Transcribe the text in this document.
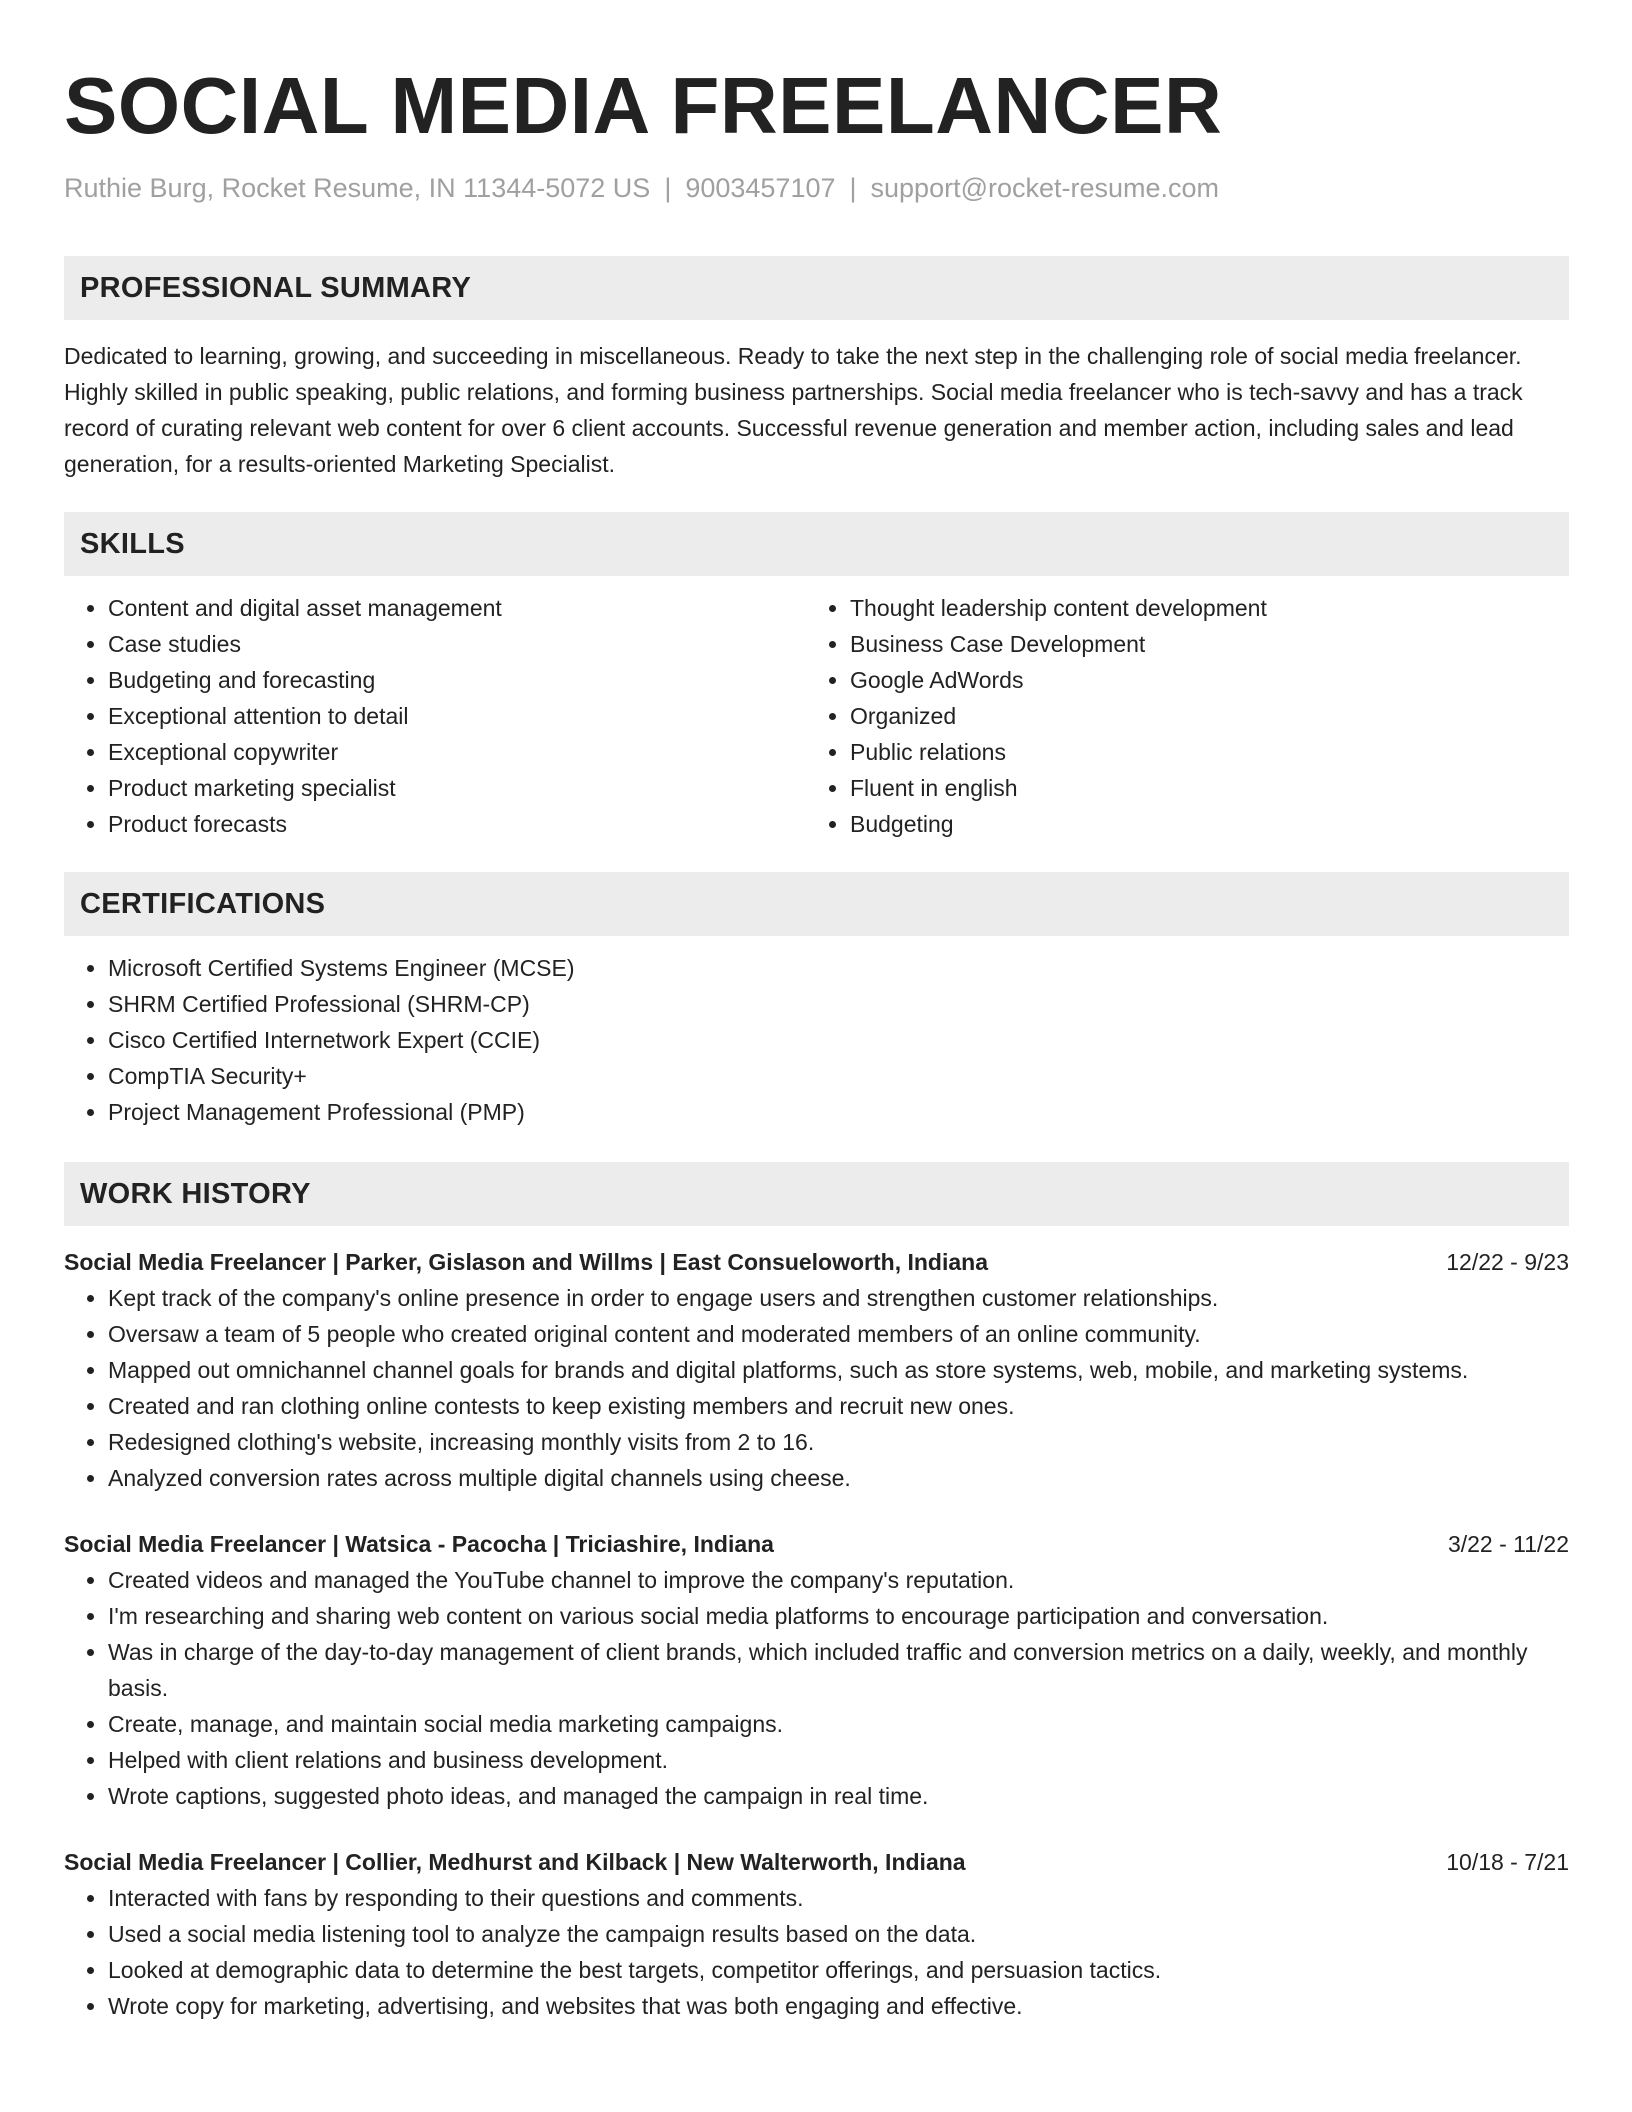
SOCIAL MEDIA FREELANCER
Ruthie Burg, Rocket Resume, IN 11344-5072 US | 9003457107 | support@rocket-resume.com
PROFESSIONAL SUMMARY

Dedicated to learning, growing, and succeeding in miscellaneous. Ready to take the next step in the challenging role of social media freelancer. Highly skilled in public speaking, public relations, and forming business partnerships. Social media freelancer who is tech-savvy and has a track record of curating relevant web content for over 6 client accounts. Successful revenue generation and member action, including sales and lead generation, for a results-oriented Marketing Specialist.

SKILLS
• Content and digital asset management
• Case studies
• Budgeting and forecasting
• Exceptional attention to detail
• Exceptional copywriter
• Product marketing specialist
• Product forecasts
• Thought leadership content development
• Business Case Development
• Google AdWords
• Organized
• Public relations
• Fluent in english
• Budgeting
CERTIFICATIONS
• Microsoft Certified Systems Engineer (MCSE)
• SHRM Certified Professional (SHRM-CP)
• Cisco Certified Internetwork Expert (CCIE)
• CompTIA Security+
• Project Management Professional (PMP)
WORK HISTORY
Social Media Freelancer | Parker, Gislason and Willms | East Consueloworth, Indiana	12/22 - 9/23
• Kept track of the company's online presence in order to engage users and strengthen customer relationships.
• Oversaw a team of 5 people who created original content and moderated members of an online community.
• Mapped out omnichannel channel goals for brands and digital platforms, such as store systems, web, mobile, and marketing systems.
• Created and ran clothing online contests to keep existing members and recruit new ones.
• Redesigned clothing's website, increasing monthly visits from 2 to 16.
• Analyzed conversion rates across multiple digital channels using cheese.
Social Media Freelancer | Watsica - Pacocha | Triciashire, Indiana	3/22 - 11/22
• Created videos and managed the YouTube channel to improve the company's reputation.
• I'm researching and sharing web content on various social media platforms to encourage participation and conversation.
• Was in charge of the day-to-day management of client brands, which included traffic and conversion metrics on a daily, weekly, and monthly basis.
• Create, manage, and maintain social media marketing campaigns.
• Helped with client relations and business development.
• Wrote captions, suggested photo ideas, and managed the campaign in real time.
Social Media Freelancer | Collier, Medhurst and Kilback | New Walterworth, Indiana	10/18 - 7/21
• Interacted with fans by responding to their questions and comments.
• Used a social media listening tool to analyze the campaign results based on the data.
• Looked at demographic data to determine the best targets, competitor offerings, and persuasion tactics.
• Wrote copy for marketing, advertising, and websites that was both engaging and effective.
